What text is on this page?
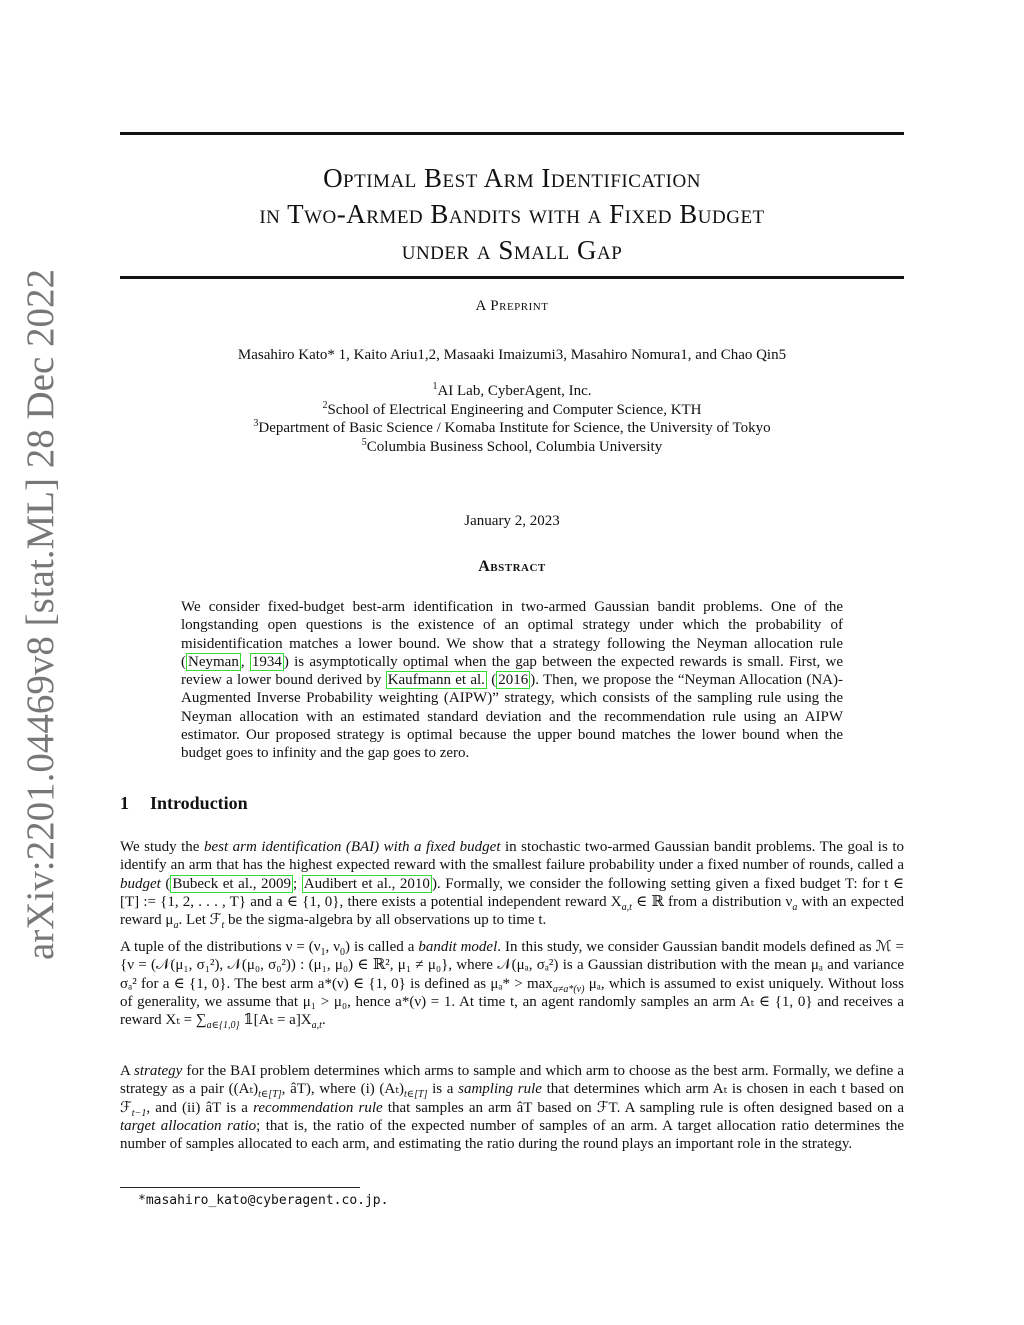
arXiv:2201.04469v8 [stat.ML] 28 Dec 2022
Optimal Best Arm Identification
in Two-Armed Bandits with a Fixed Budget
under a Small Gap
A Preprint
Masahiro Kato* 1, Kaito Ariu1,2, Masaaki Imaizumi3, Masahiro Nomura1, and Chao Qin5
$^1$AI Lab, CyberAgent, Inc.
$^2$School of Electrical Engineering and Computer Science, KTH
$^3$Department of Basic Science / Komaba Institute for Science, the University of Tokyo
$^5$Columbia Business School, Columbia University
January 2, 2023
Abstract
We consider fixed-budget best-arm identification in two-armed Gaussian bandit problems. One of the longstanding open questions is the existence of an optimal strategy under which the probability of misidentification matches a lower bound. We show that a strategy following the Neyman allocation rule ( Neyman , 1934 ) is asymptotically optimal when the gap between the expected rewards is small. First, we review a lower bound derived by Kaufmann et al. ( 2016 ). Then, we propose the “Neyman Allocation (NA)-Augmented Inverse Probability weighting (AIPW)” strategy, which consists of the sampling rule using the Neyman allocation with an estimated standard deviation and the recommendation rule using an AIPW estimator. Our proposed strategy is optimal because the upper bound matches the lower bound when the budget goes to infinity and the gap goes to zero.
1 Introduction
We study the best arm identification (BAI) with a fixed budget in stochastic two-armed Gaussian bandit problems. The goal is to identify an arm that has the highest expected reward with the smallest failure probability under a fixed number of rounds, called a budget ( Bubeck et al., 2009 ; Audibert et al., 2010 ). Formally, we consider the following setting given a fixed budget T: for t ∈ [T] := {1, 2, . . . , T} and a ∈ {1, 0}, there exists a potential independent reward $X_{a,t}$ ∈ ℝ from a distribution $\nu_a$ with an expected reward $\mu_a$. Let ℱ$_t$ be the sigma-algebra by all observations up to time t.
A tuple of the distributions $\nu = (\nu_1$, $\nu_0$) is called a bandit model. In this study, we consider Gaussian bandit models defined as ℳ = {ν = (𝒩(μ₁, σ₁²), 𝒩(μ₀, σ₀²)) : (μ₁, μ₀) ∈ ℝ², μ₁ ≠ μ₀}, where 𝒩(μₐ, σₐ²) is a Gaussian distribution with the mean μₐ and variance σₐ² for a ∈ {1, 0}. The best arm a*(ν) ∈ {1, 0} is defined as $\mu_a* > \max_{a\ne a*(\nu)} \mu_a$, which is assumed to exist uniquely. Without loss of generality, we assume that μ₁ > μ₀, hence a*(ν) = 1. At time t, an agent randomly samples an arm Aₜ ∈ {1, 0} and receives a reward $X_t = \sum_{a\in\{1,0\}}$ 𝟙[Aₜ = $a]X_{a,t}$.
A strategy for the BAI problem determines which arms to sample and which arm to choose as the best arm. Formally, we define a strategy as a pair ($(A_t)_{t\in[T]}$, âT), where (i) $(A_t)_{t\in[T]}$ is a sampling rule that determines which arm Aₜ is chosen in each t based on ℱ$_{t-1}$, and (ii) âT is a recommendation rule that samples an arm âT based on ℱT. A sampling rule is often designed based on a target allocation ratio; that is, the ratio of the expected number of samples of an arm. A target allocation ratio determines the number of samples allocated to each arm, and estimating the ratio during the round plays an important role in the strategy.
*masahiro_kato@cyberagent.co.jp.
